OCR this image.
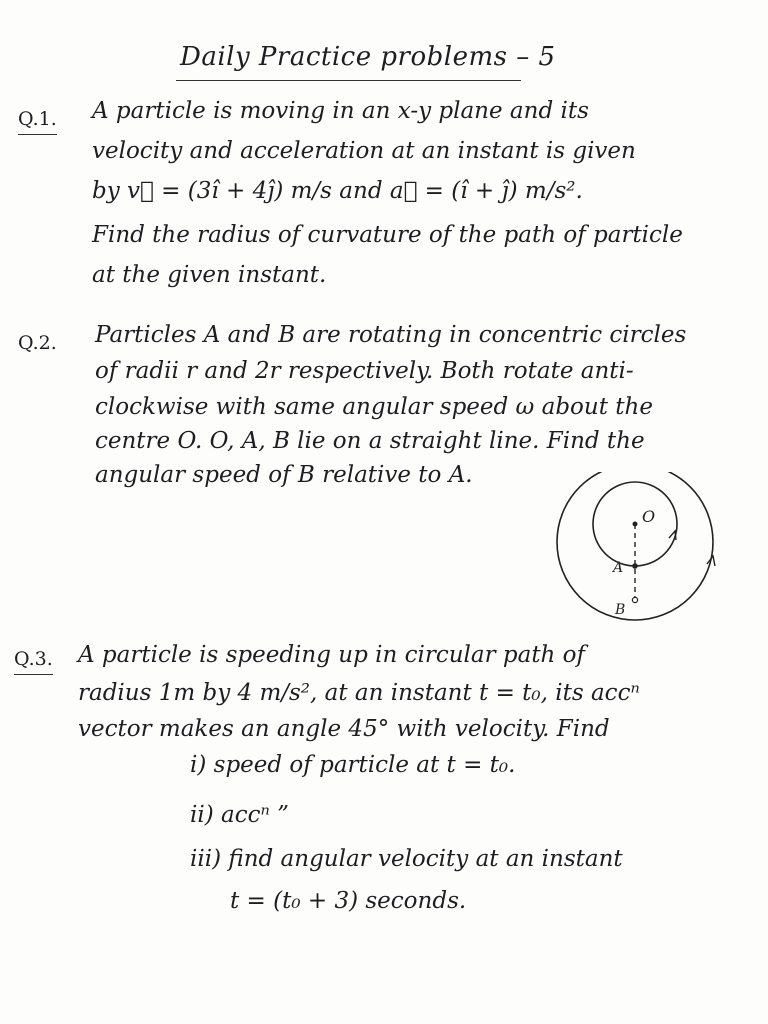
Daily Practice problems – 5
Q.1. A particle is moving in an x-y plane and its
velocity and acceleration at an instant is given
by v⃗ = (3î + 4ĵ) m/s and a⃗ = (î + ĵ) m/s².
Find the radius of curvature of the path of particle
at the given instant.
Q.2. Particles A and B are rotating in concentric circles
of radii r and 2r respectively. Both rotate anti-
clockwise with same angular speed ω about the
centre O. O, A, B lie on a straight line. Find the
angular speed of B relative to A.
O
A
B
Q.3. A particle is speeding up in circular path of
radius 1m by 4 m/s², at an instant t = t₀, its accⁿ
vector makes an angle 45° with velocity. Find
i) speed of particle at t = t₀.
ii) accⁿ ”
iii) find angular velocity at an instant
t = (t₀ + 3) seconds.
